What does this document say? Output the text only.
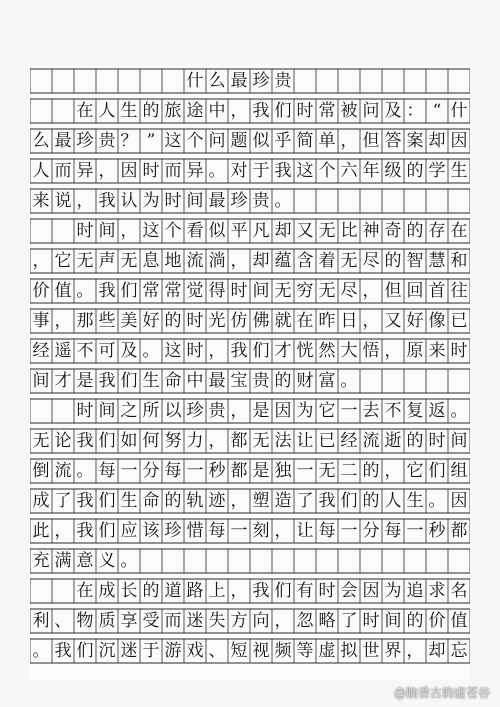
什 么 最 珍 贵
在 人 生 的 旅 途 中 ， 我 们 时 常 被 问 及 ： “ 什
么 最 珍 贵 ？ ” 这 个 问 题 似 乎 简 单 ， 但 答 案 却 因
人 而 异 ， 因 时 而 异 。 对 于 我 这 个 六 年 级 的 学 生
来 说 ， 我 认 为 时 间 最 珍 贵 。
时 间 ， 这 个 看 似 平 凡 却 又 无 比 神 奇 的 存 在
， 它 无 声 无 息 地 流 淌 ， 却 蕴 含 着 无 尽 的 智 慧 和
价 值 。 我 们 常 常 觉 得 时 间 无 穷 无 尽 ， 但 回 首 往
事 ， 那 些 美 好 的 时 光 仿 佛 就 在 昨 日 ， 又 好 像 已
经 遥 不 可 及 。 这 时 ， 我 们 才 恍 然 大 悟 ， 原 来 时
间 才 是 我 们 生 命 中 最 宝 贵 的 财 富 。
时 间 之 所 以 珍 贵 ， 是 因 为 它 一 去 不 复 返 。
无 论 我 们 如 何 努 力 ， 都 无 法 让 已 经 流 逝 的 时 间
倒 流 。 每 一 分 每 一 秒 都 是 独 一 无 二 的 ， 它 们 组
成 了 我 们 生 命 的 轨 迹 ， 塑 造 了 我 们 的 人 生 。 因
此 ， 我 们 应 该 珍 惜 每 一 刻 ， 让 每 一 分 每 一 秒 都
充 满 意 义 。
在 成 长 的 道 路 上 ， 我 们 有 时 会 因 为 追 求 名
利 、 物 质 享 受 而 迷 失 方 向 ， 忽 略 了 时 间 的 价 值
。 我 们 沉 迷 于 游 戏 、 短 视 频 等 虚 拟 世 界 ， 却 忘
@脑香古韵虚苍谷
